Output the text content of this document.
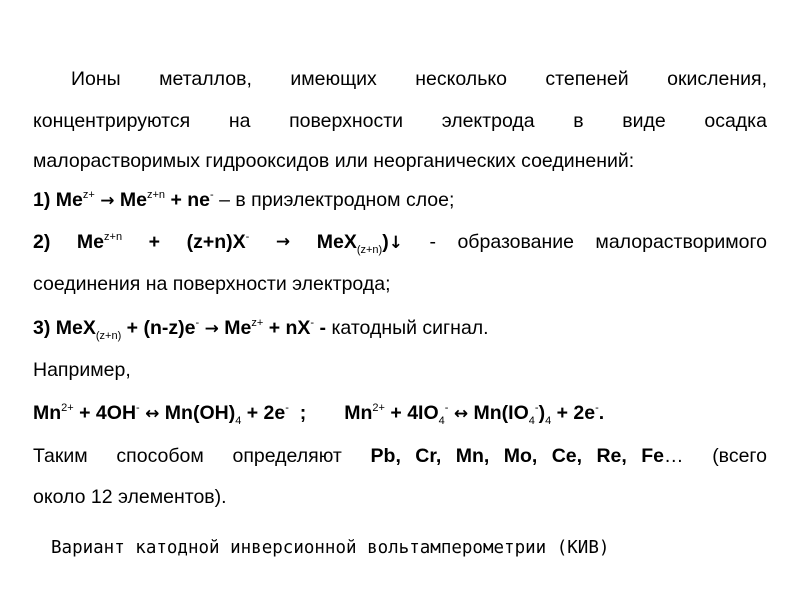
Ионы металлов, имеющих несколько степеней окисления,
концентрируются на поверхности электрода в виде осадка
малорастворимых гидрооксидов или неорганических соединений:
1) $Me^{z+} \to Me^{z+n} + ne^- - в$ приэлектродном слое;
2) $Me^{z+n} + (z+n)X^-$ → MeX$_{(z+n)}$)↓ - образование малорастворимого
соединения на поверхности электрода;
3) $MeX_{(z+n)} + (n-z)e^- \to Me^{z+} + nX^-$ - катодный сигнал.
Например,
$Mn^{2+} + 4OH^-$ ↔ $Mn(OH)_4 + 2e^-$ ; $Mn^{2+} + 4IO_4^-$ ↔ $Mn(IO_4^-)_4 + 2e^-$.
Таким способом определяют Pb, Cr, Mn, Mo, Ce, Re, Fe… (всего
около 12 элементов).
Вариант катодной инверсионной вольтамперометрии (КИВ)
